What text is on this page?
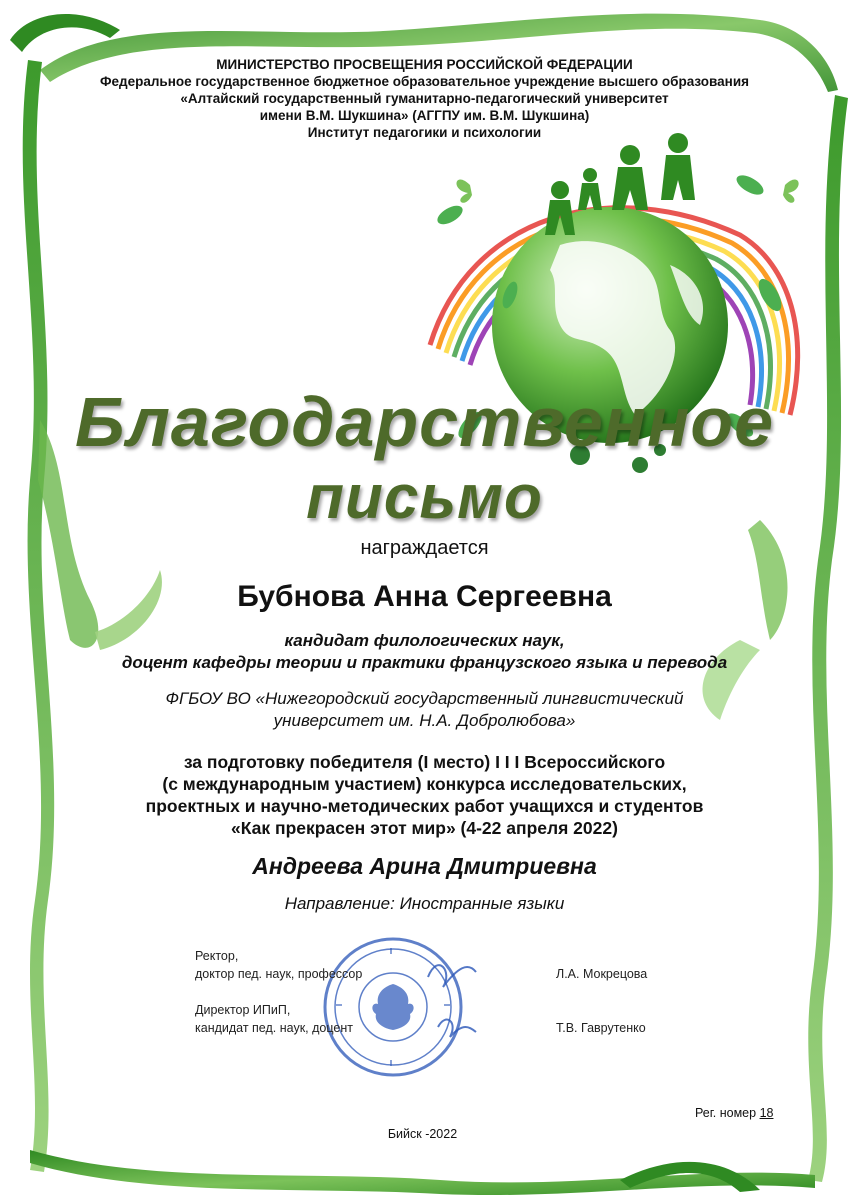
МИНИСТЕРСТВО ПРОСВЕЩЕНИЯ РОССИЙСКОЙ ФЕДЕРАЦИИ
Федеральное государственное бюджетное образовательное учреждение высшего образования
«Алтайский государственный гуманитарно-педагогический университет
имени В.М. Шукшина» (АГГПУ им. В.М. Шукшина)
Институт педагогики и психологии
Благодарственное
письмо
награждается
Бубнова Анна Сергеевна
кандидат филологических наук,
доцент кафедры теории и практики французского языка и перевода
ФГБОУ ВО «Нижегородский государственный лингвистический
университет им. Н.А. Добролюбова»
за подготовку победителя (I место) I I I Всероссийского
(с международным участием) конкурса исследовательских,
проектных и научно-методических работ учащихся и студентов
«Как прекрасен этот мир» (4-22 апреля 2022)
Андреева Арина Дмитриевна
Направление: Иностранные языки
Ректор,
доктор пед. наук, профессор	Л.А. Мокрецова
Директор ИПиП,
кандидат пед. наук, доцент	Т.В. Гаврутенко
Рег. номер 18
Бийск -2022
